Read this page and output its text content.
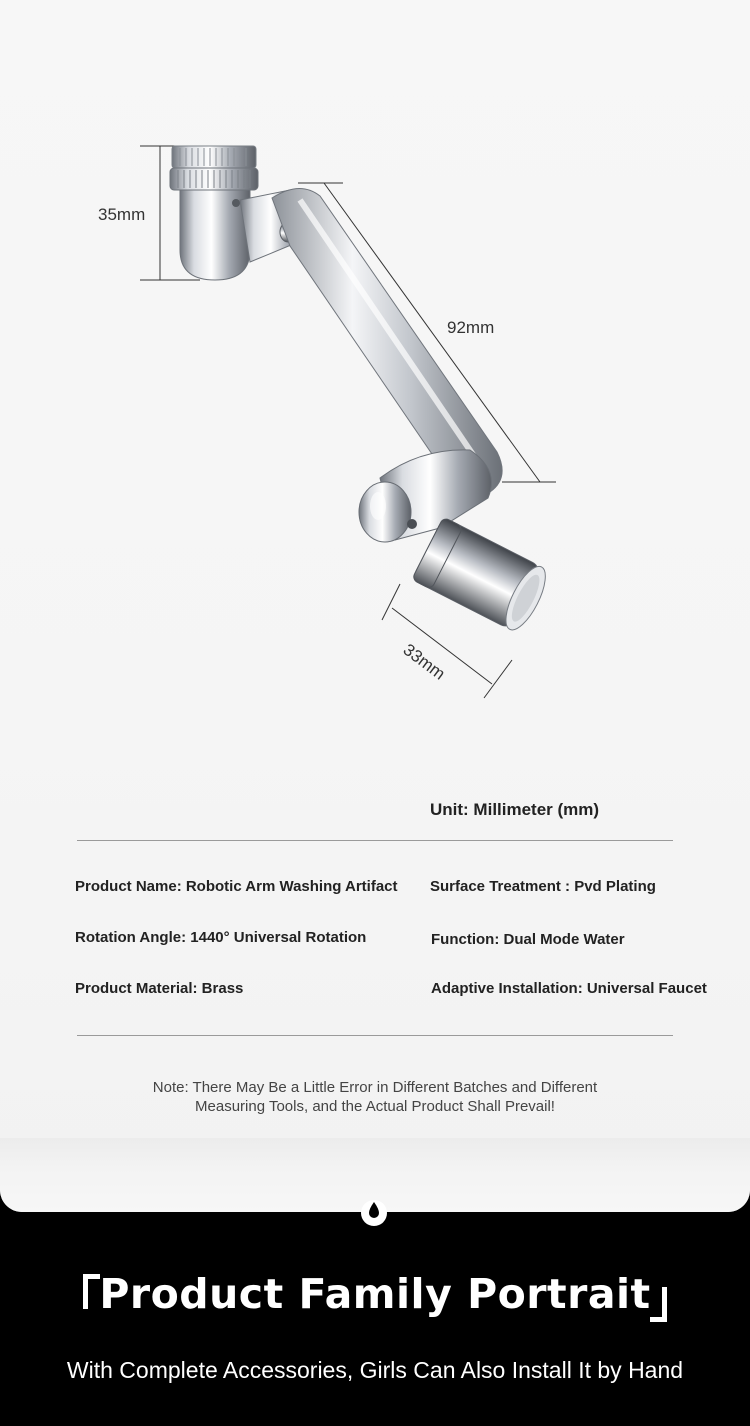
35mm
92mm
33mm
Unit: Millimeter (mm)
Product Name: Robotic Arm Washing Artifact
Rotation Angle: 1440° Universal Rotation
Product Material: Brass
Surface Treatment : Pvd Plating
Function: Dual Mode Water
Adaptive Installation: Universal Faucet
Note: There May Be a Little Error in Different Batches and Different
Measuring Tools, and the Actual Product Shall Prevail!
Product Family Portrait
With Complete Accessories, Girls Can Also Install It by Hand
